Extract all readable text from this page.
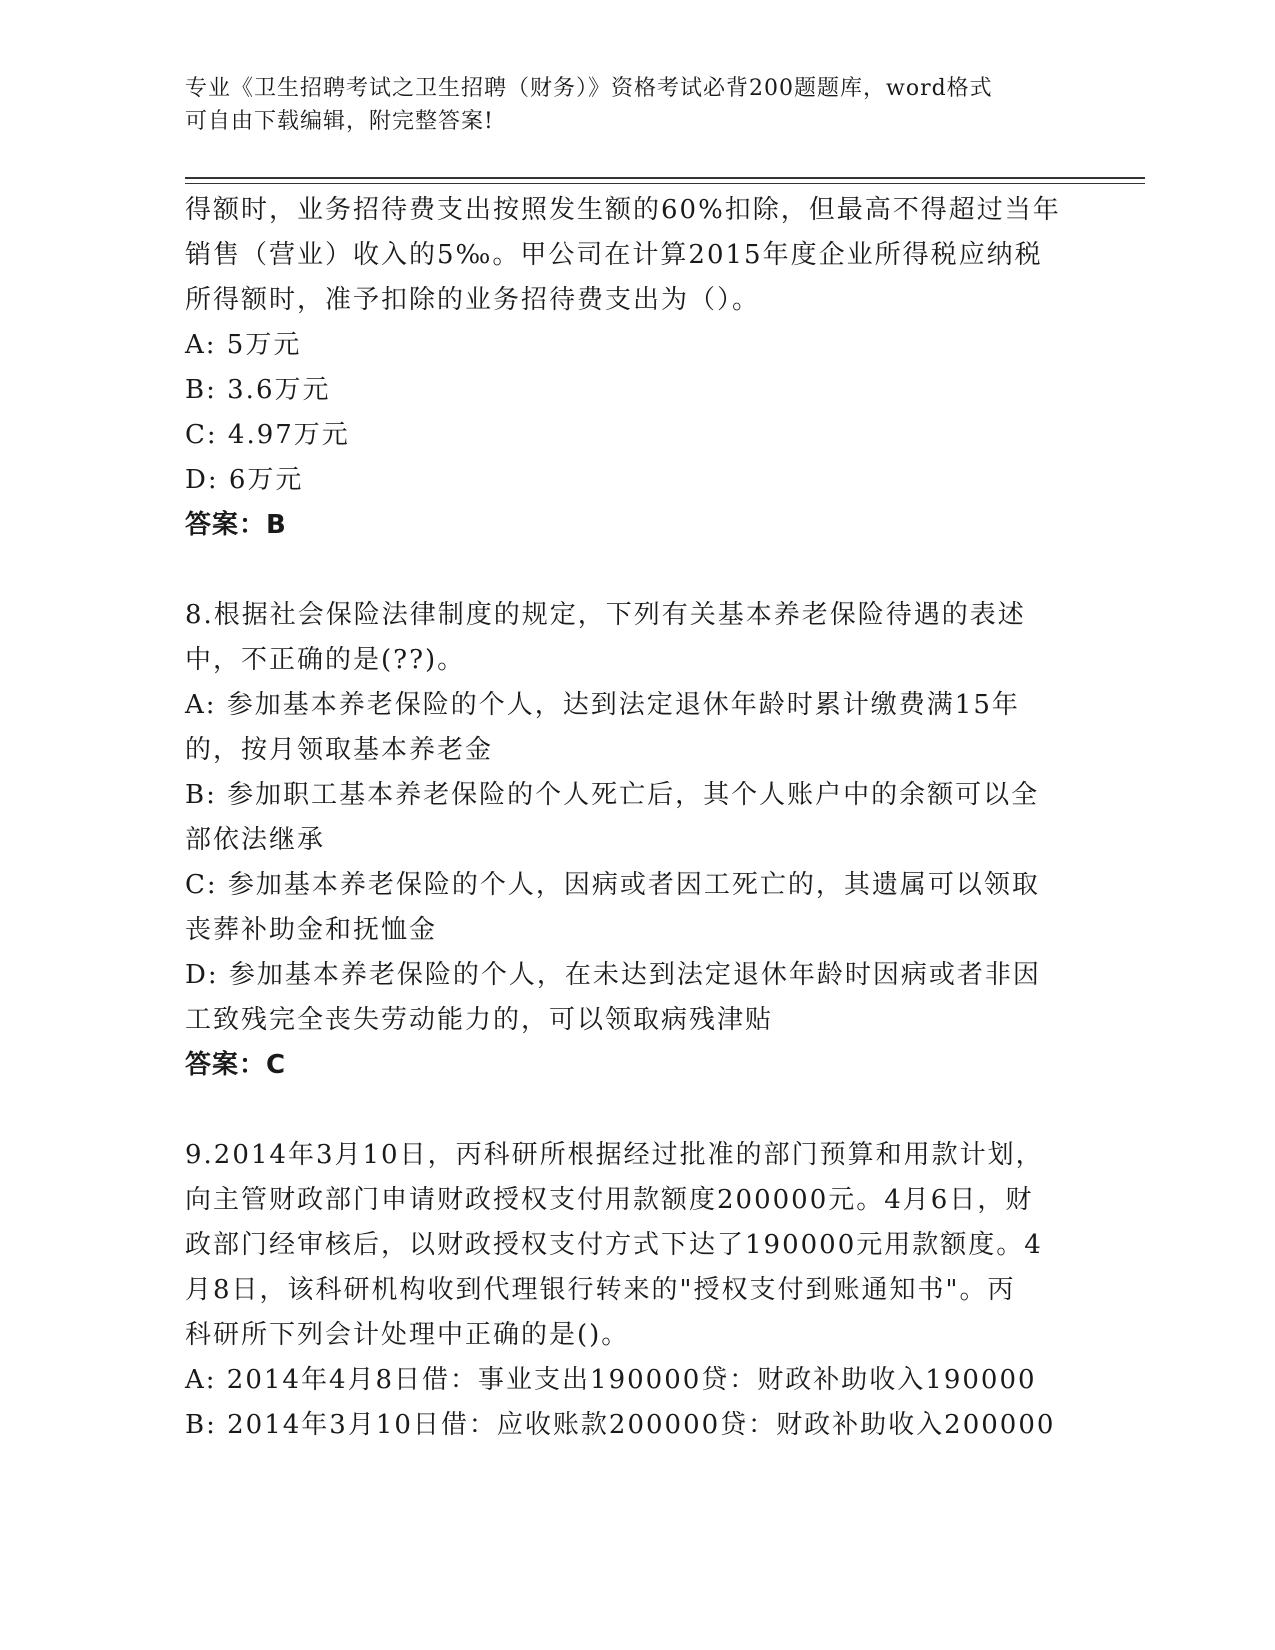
专业《卫生招聘考试之卫生招聘（财务）》资格考试必背200题题库，word格式
可自由下载编辑，附完整答案!

得额时，业务招待费支出按照发生额的60%扣除，但最高不得超过当年

销售（营业）收入的5‰。甲公司在计算2015年度企业所得税应纳税

所得额时，准予扣除的业务招待费支出为（）。

A: 5万元

B: 3.6万元

C: 4.97万元

D: 6万元

答案：B

8.根据社会保险法律制度的规定，下列有关基本养老保险待遇的表述

中，不正确的是(??)。

A: 参加基本养老保险的个人，达到法定退休年龄时累计缴费满15年

的，按月领取基本养老金

B: 参加职工基本养老保险的个人死亡后，其个人账户中的余额可以全

部依法继承

C: 参加基本养老保险的个人，因病或者因工死亡的，其遗属可以领取

丧葬补助金和抚恤金

D: 参加基本养老保险的个人，在未达到法定退休年龄时因病或者非因

工致残完全丧失劳动能力的，可以领取病残津贴

答案：C

9.2014年3月10日，丙科研所根据经过批准的部门预算和用款计划，

向主管财政部门申请财政授权支付用款额度200000元。4月6日，财

政部门经审核后，以财政授权支付方式下达了190000元用款额度。4

月8日，该科研机构收到代理银行转来的"授权支付到账通知书"。丙

科研所下列会计处理中正确的是()。

A: 2014年4月8日借：事业支出190000贷：财政补助收入190000

B: 2014年3月10日借：应收账款200000贷：财政补助收入200000
